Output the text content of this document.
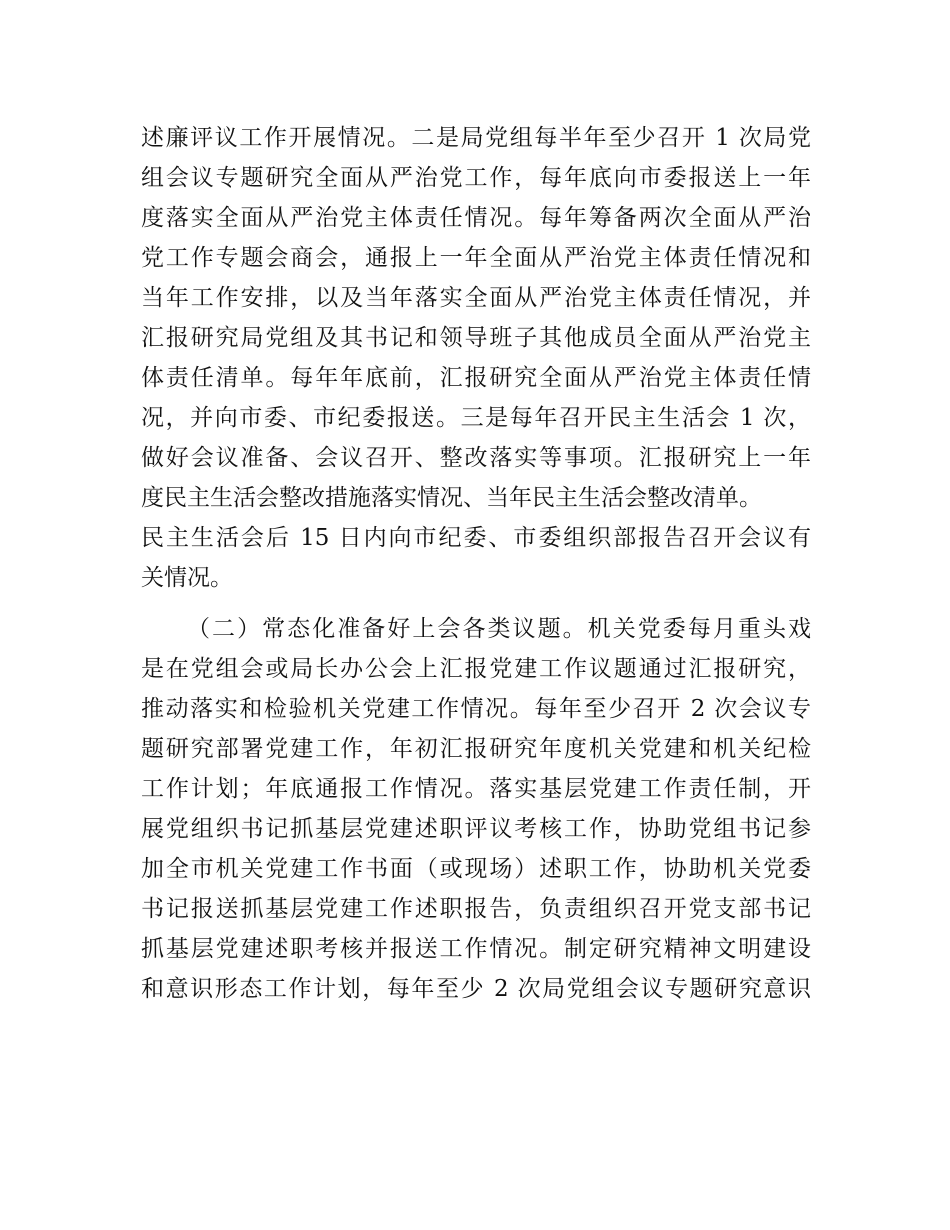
述廉评议工作开展情况。二是局党组每半年至少召开 1 次局党
组会议专题研究全面从严治党工作，每年底向市委报送上一年
度落实全面从严治党主体责任情况。每年筹备两次全面从严治
党工作专题会商会，通报上一年全面从严治党主体责任情况和
当年工作安排，以及当年落实全面从严治党主体责任情况，并
汇报研究局党组及其书记和领导班子其他成员全面从严治党主
体责任清单。每年年底前，汇报研究全面从严治党主体责任情
况，并向市委、市纪委报送。三是每年召开民主生活会 1 次，
做好会议准备、会议召开、整改落实等事项。汇报研究上一年
度民主生活会整改措施落实情况、当年民主生活会整改清单。
民主生活会后 15 日内向市纪委、市委组织部报告召开会议有
关情况。
（二）常态化准备好上会各类议题。机关党委每月重头戏
是在党组会或局长办公会上汇报党建工作议题通过汇报研究，
推动落实和检验机关党建工作情况。每年至少召开 2 次会议专
题研究部署党建工作，年初汇报研究年度机关党建和机关纪检
工作计划；年底通报工作情况。落实基层党建工作责任制，开
展党组织书记抓基层党建述职评议考核工作，协助党组书记参
加全市机关党建工作书面（或现场）述职工作，协助机关党委
书记报送抓基层党建工作述职报告，负责组织召开党支部书记
抓基层党建述职考核并报送工作情况。制定研究精神文明建设
和意识形态工作计划，每年至少 2 次局党组会议专题研究意识
